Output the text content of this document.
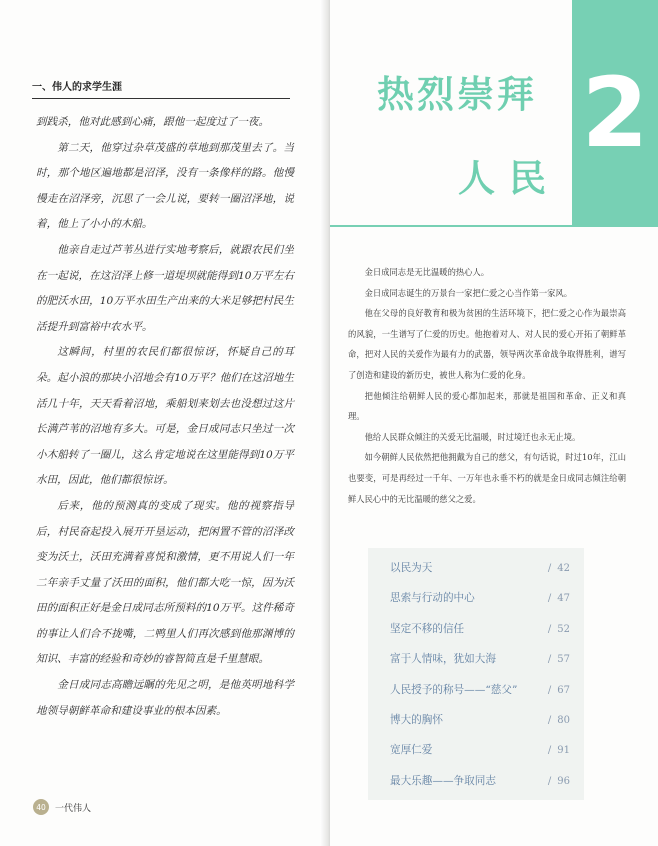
一、伟人的求学生涯

到践杀，他对此感到心痛，跟他一起度过了一夜。

第二天，他穿过杂草茂盛的草地到那茂里去了。当时，那个地区遍地都是沼泽，没有一条像样的路。他慢慢走在沼泽旁，沉思了一会儿说，要转一圈沼泽地，说着，他上了小小的木船。

他亲自走过芦苇丛进行实地考察后，就跟农民们坐在一起说，在这沼泽上修一道堤坝就能得到10万平左右的肥沃水田，10万平水田生产出来的大米足够把村民生活提升到富裕中农水平。

这瞬间，村里的农民们都很惊讶，怀疑自己的耳朵。起小浪的那块小沼地会有10万平？他们在这沼地生活几十年，天天看着沼地，乘船划来划去也没想过这片长满芦苇的沼地有多大。可是，金日成同志只坐过一次小木船转了一圈儿，这么肯定地说在这里能得到10万平水田，因此，他们都很惊讶。

后来，他的预测真的变成了现实。他的视察指导后，村民奋起投入展开开垦运动，把闲置不管的沼泽改变为沃土，沃田充满着喜悦和激情，更不用说人们一年二年亲手丈量了沃田的面积，他们都大吃一惊，因为沃田的面积正好是金日成同志所预料的10万平。这件稀奇的事让人们合不拢嘴，二鸭里人们再次感到他那渊博的知识、丰富的经验和奇妙的睿智简直是千里慧眼。

金日成同志高瞻远瞩的先见之明，是他英明地科学地领导朝鲜革命和建设事业的根本因素。

40	一代伟人
2
热烈崇拜
人民

金日成同志是无比温暖的热心人。

金日成同志诞生的万景台一家把仁爱之心当作第一家风。

他在父母的良好教育和极为贫困的生活环境下，把仁爱之心作为最崇高的风貌，一生谱写了仁爱的历史。他抱着对人、对人民的爱心开拓了朝鲜革命，把对人民的关爱作为最有力的武器，领导两次革命战争取得胜利，谱写了创造和建设的新历史，被世人称为仁爱的化身。

把他倾注给朝鲜人民的爱心都加起来，那就是祖国和革命、正义和真理。

他给人民群众倾注的关爱无比温暖，时过境迁也永无止境。

如今朝鲜人民依然把他拥戴为自己的慈父，有句话说，时过10年，江山也要变，可是再经过一千年、一万年也永垂不朽的就是金日成同志倾注给朝鲜人民心中的无比温暖的慈父之爱。

以民为天	/ 42
思索与行动的中心	/ 47
坚定不移的信任	/ 52
富于人情味，犹如大海	/ 57
人民授予的称号——“慈父”	/ 67
博大的胸怀	/ 80
宽厚仁爱	/ 91
最大乐趣——争取同志	/ 96
